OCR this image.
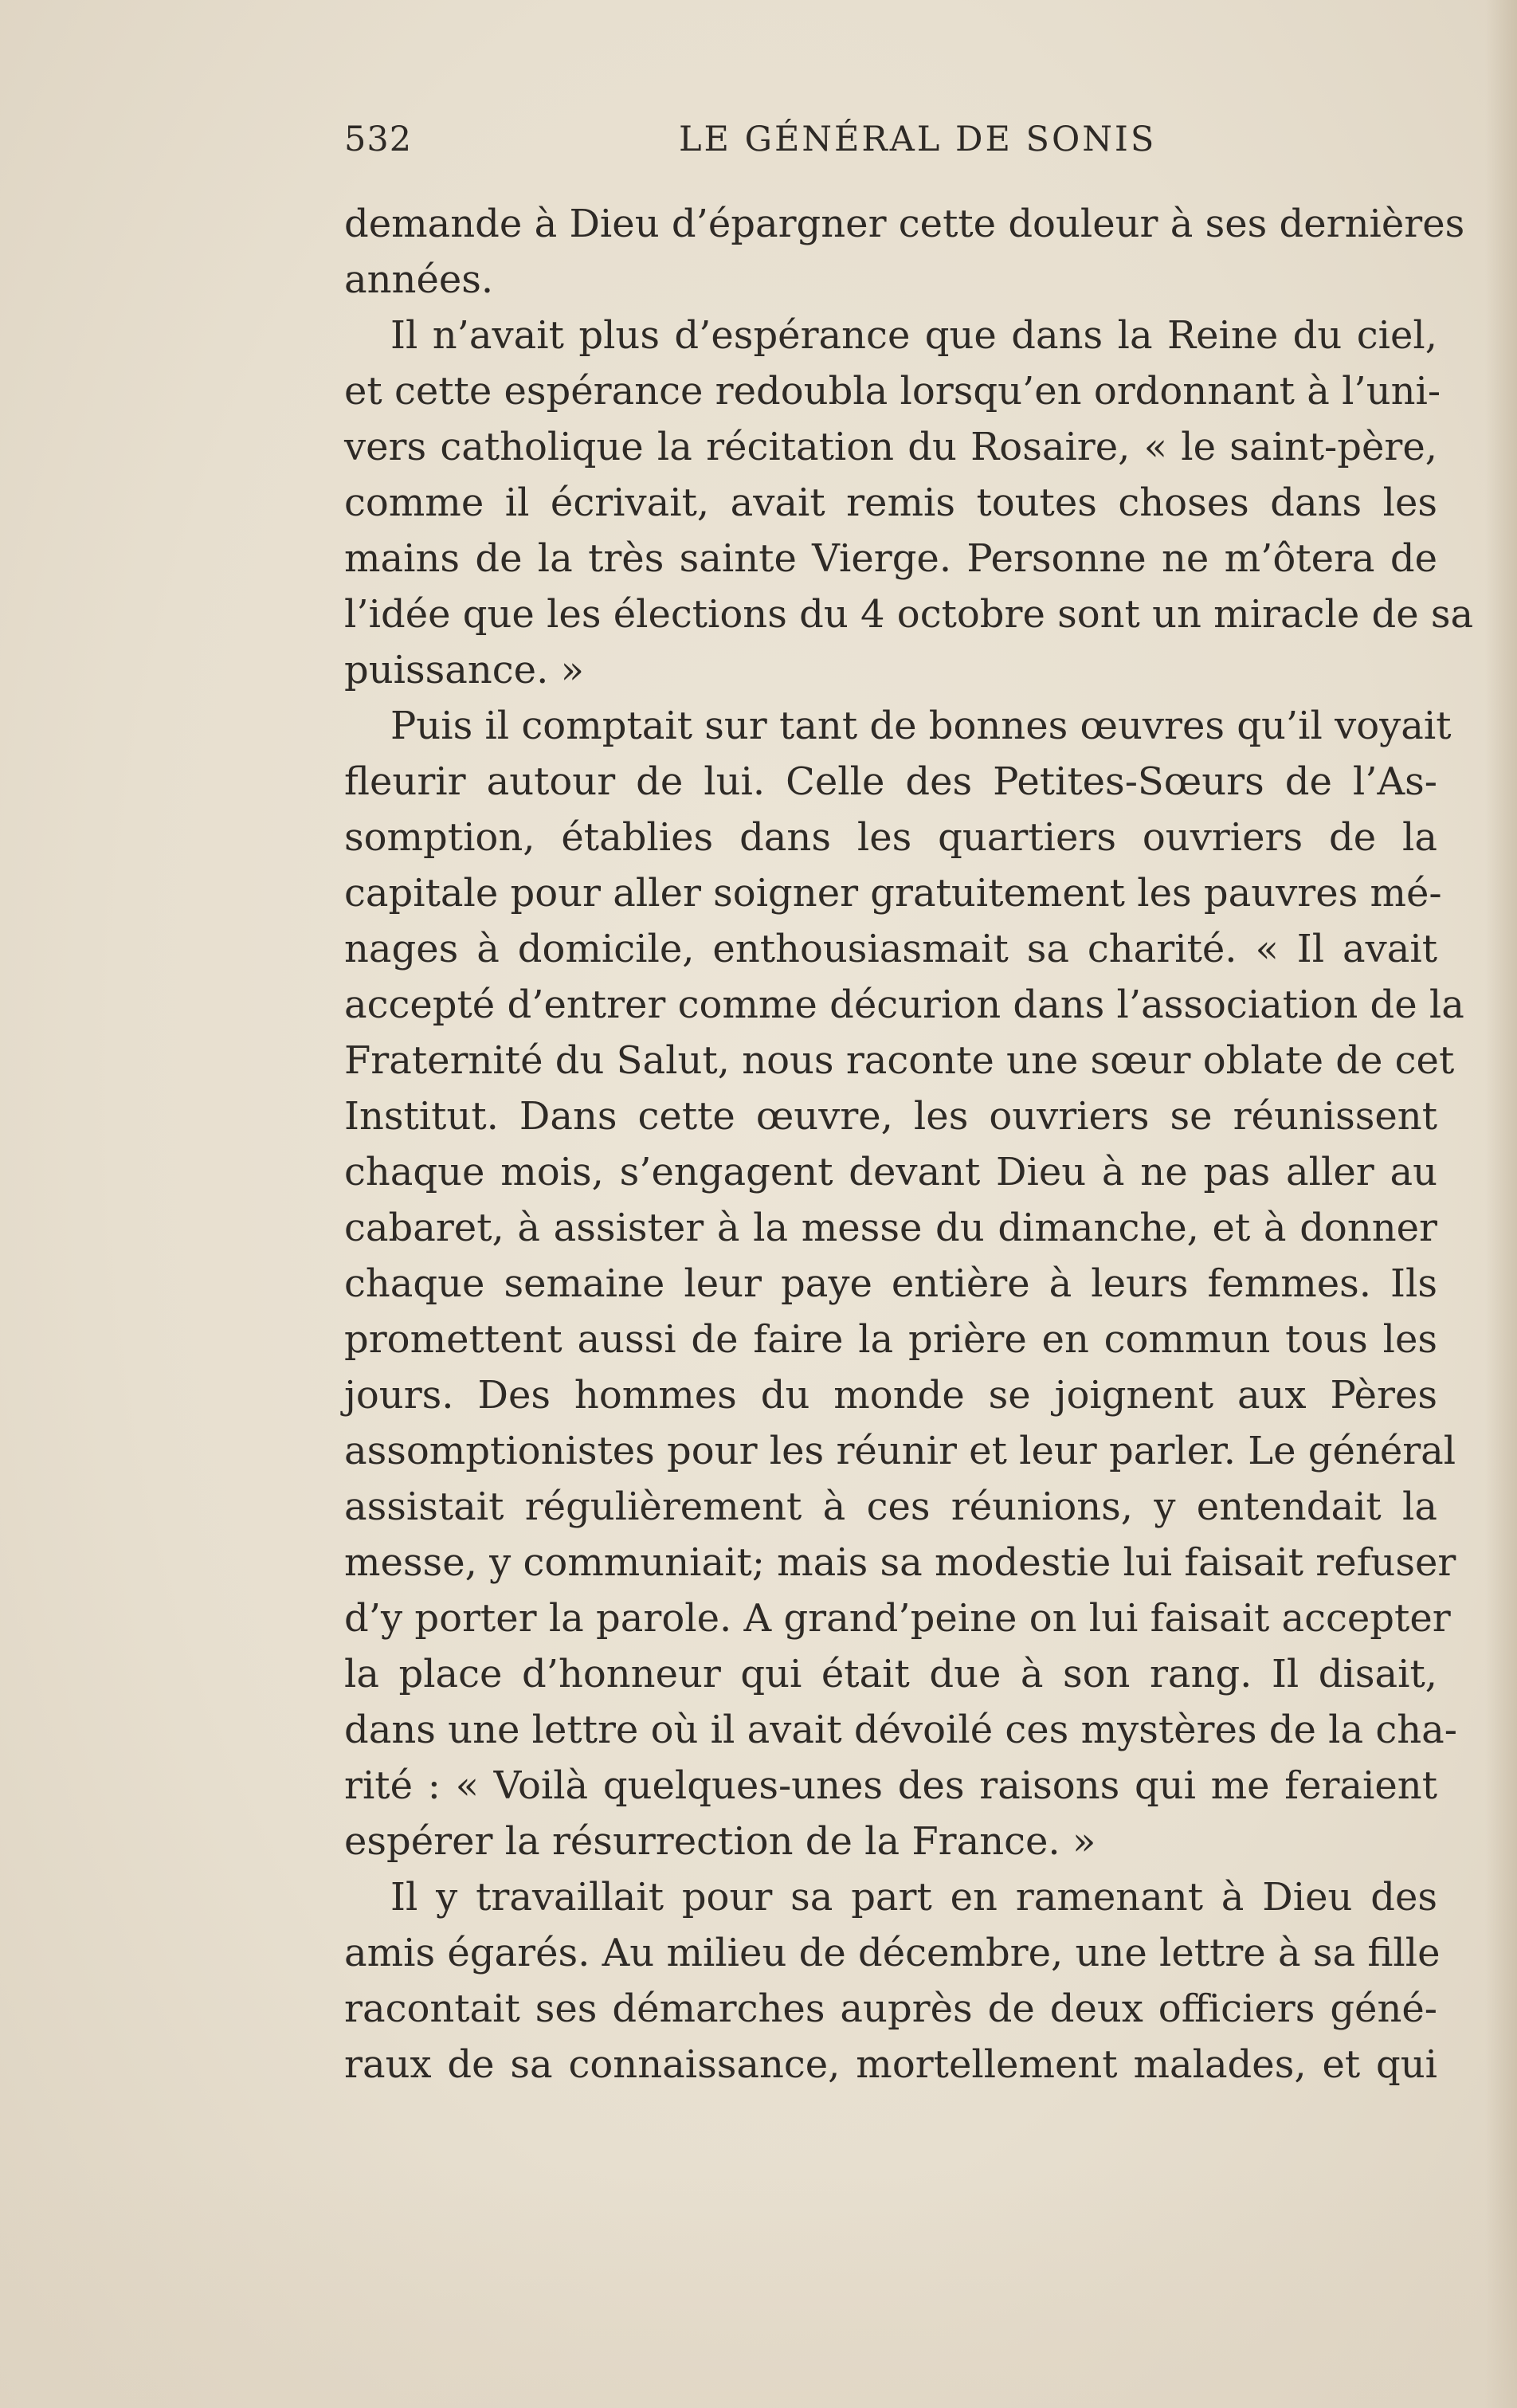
532	LE GÉNÉRAL DE SONIS
demande à Dieu d’épargner cette douleur à ses dernières
années.
Il n’avait plus d’espérance que dans la Reine du ciel,
et cette espérance redoubla lorsqu’en ordonnant à l’uni-
vers catholique la récitation du Rosaire, « le saint-père,
comme il écrivait, avait remis toutes choses dans les
mains de la très sainte Vierge. Personne ne m’ôtera de
l’idée que les élections du 4 octobre sont un miracle de sa
puissance. »
Puis il comptait sur tant de bonnes œuvres qu’il voyait
fleurir autour de lui. Celle des Petites-Sœurs de l’As-
somption, établies dans les quartiers ouvriers de la
capitale pour aller soigner gratuitement les pauvres mé-
nages à domicile, enthousiasmait sa charité. « Il avait
accepté d’entrer comme décurion dans l’association de la
Fraternité du Salut, nous raconte une sœur oblate de cet
Institut. Dans cette œuvre, les ouvriers se réunissent
chaque mois, s’engagent devant Dieu à ne pas aller au
cabaret, à assister à la messe du dimanche, et à donner
chaque semaine leur paye entière à leurs femmes. Ils
promettent aussi de faire la prière en commun tous les
jours. Des hommes du monde se joignent aux Pères
assomptionistes pour les réunir et leur parler. Le général
assistait régulièrement à ces réunions, y entendait la
messe, y communiait; mais sa modestie lui faisait refuser
d’y porter la parole. A grand’peine on lui faisait accepter
la place d’honneur qui était due à son rang. Il disait,
dans une lettre où il avait dévoilé ces mystères de la cha-
rité : « Voilà quelques-unes des raisons qui me feraient
espérer la résurrection de la France. »
Il y travaillait pour sa part en ramenant à Dieu des
amis égarés. Au milieu de décembre, une lettre à sa fille
racontait ses démarches auprès de deux officiers géné-
raux de sa connaissance, mortellement malades, et qui
